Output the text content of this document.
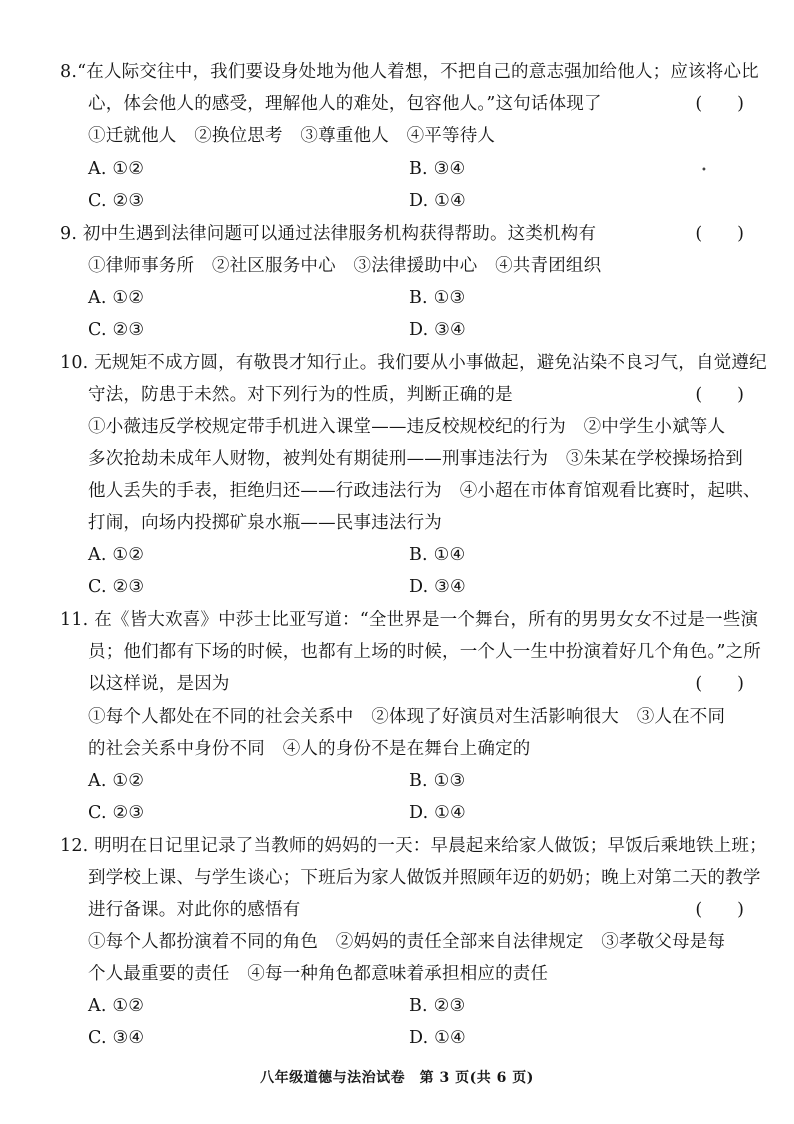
8.“在人际交往中，我们要设身处地为他人着想，不把自己的意志强加给他人；应该将心比
心，体会他人的感受，理解他人的难处，包容他人。”这句话体现了	(　　)
①迁就他人　②换位思考　③尊重他人　④平等待人
A. ①②	B. ③④
C. ②③	D. ①④
9. 初中生遇到法律问题可以通过法律服务机构获得帮助。这类机构有	(　　)
①律师事务所　②社区服务中心　③法律援助中心　④共青团组织
A. ①②	B. ①③
C. ②③	D. ③④
10. 无规矩不成方圆，有敬畏才知行止。我们要从小事做起，避免沾染不良习气，自觉遵纪
守法，防患于未然。对下列行为的性质，判断正确的是	(　　)
①小薇违反学校规定带手机进入课堂——违反校规校纪的行为　②中学生小斌等人
多次抢劫未成年人财物，被判处有期徒刑——刑事违法行为　③朱某在学校操场拾到
他人丢失的手表，拒绝归还——行政违法行为　④小超在市体育馆观看比赛时，起哄、
打闹，向场内投掷矿泉水瓶——民事违法行为
A. ①②	B. ①④
C. ②③	D. ③④
11. 在《皆大欢喜》中莎士比亚写道：“全世界是一个舞台，所有的男男女女不过是一些演
员；他们都有下场的时候，也都有上场的时候，一个人一生中扮演着好几个角色。”之所
以这样说，是因为	(　　)
①每个人都处在不同的社会关系中　②体现了好演员对生活影响很大　③人在不同
的社会关系中身份不同　④人的身份不是在舞台上确定的
A. ①②	B. ①③
C. ②③	D. ①④
12. 明明在日记里记录了当教师的妈妈的一天：早晨起来给家人做饭；早饭后乘地铁上班；
到学校上课、与学生谈心；下班后为家人做饭并照顾年迈的奶奶；晚上对第二天的教学
进行备课。对此你的感悟有	(　　)
①每个人都扮演着不同的角色　②妈妈的责任全部来自法律规定　③孝敬父母是每
个人最重要的责任　④每一种角色都意味着承担相应的责任
A. ①②	B. ②③
C. ③④	D. ①④
•
八年级道德与法治试卷　第 3 页(共 6 页)
